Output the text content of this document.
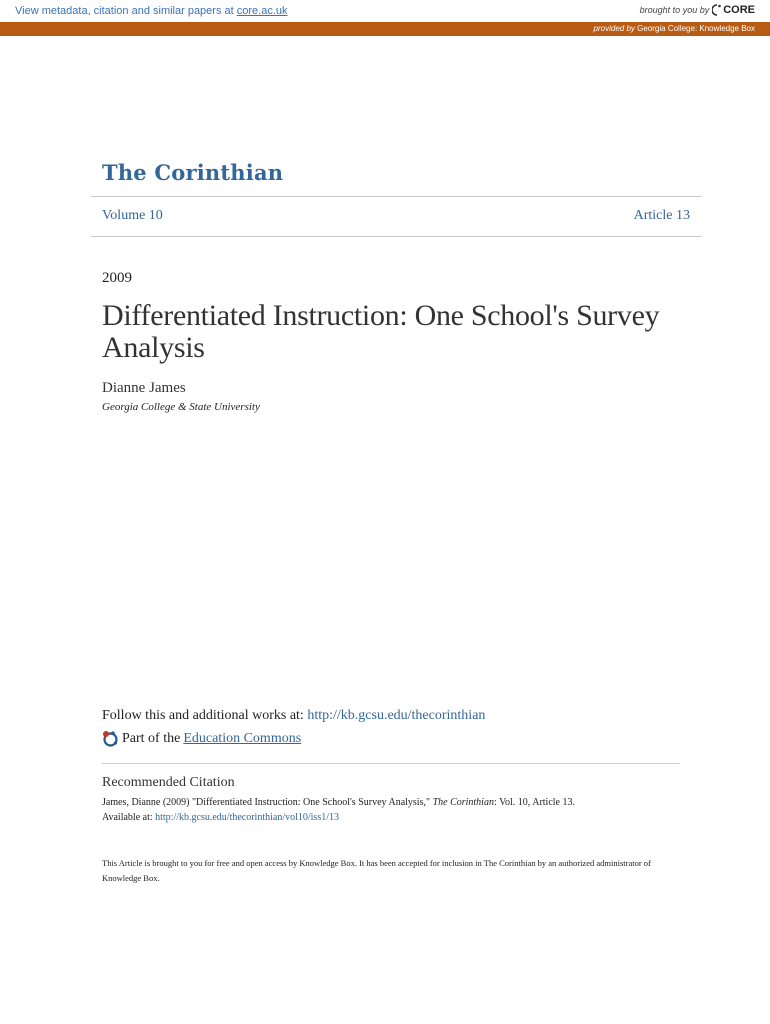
View metadata, citation and similar papers at core.ac.uk	brought to you by CORE
provided by Georgia College: Knowledge Box
The Corinthian
Volume 10	Article 13
2009
Differentiated Instruction: One School's Survey Analysis
Dianne James
Georgia College & State University
Follow this and additional works at: http://kb.gcsu.edu/thecorinthian
Part of the Education Commons
Recommended Citation
James, Dianne (2009) "Differentiated Instruction: One School's Survey Analysis," The Corinthian: Vol. 10, Article 13.
Available at: http://kb.gcsu.edu/thecorinthian/vol10/iss1/13
This Article is brought to you for free and open access by Knowledge Box. It has been accepted for inclusion in The Corinthian by an authorized administrator of Knowledge Box.
